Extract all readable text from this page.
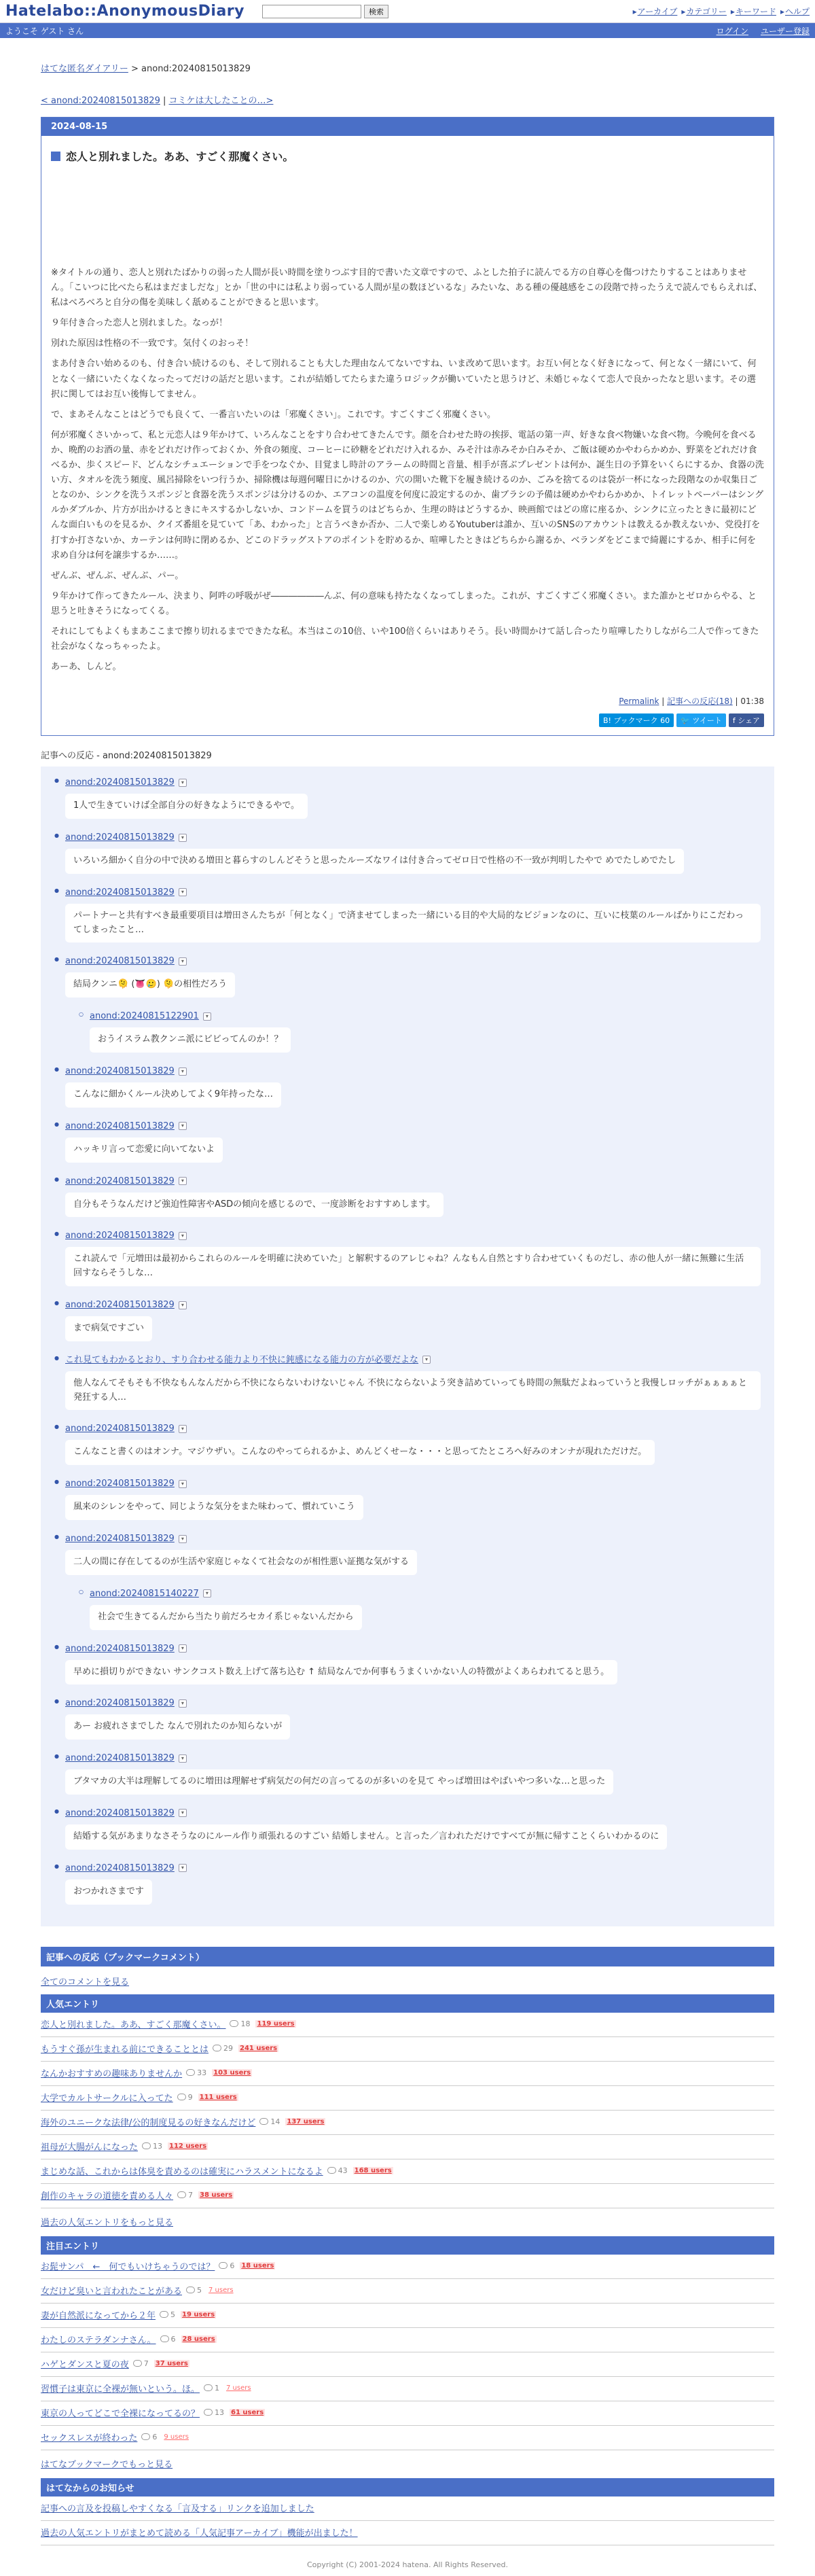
Hatelabo::AnonymousDiary	検索	▸ アーカイブ	▸ カテゴリー	▸ キーワード	▸ ヘルプ
ようこそ ゲスト さん	ログイン ユーザー登録
はてな匿名ダイアリー > anond:20240815013829
< anond:20240815013829 | コミケは大したことの…>
2024-08-15
恋人と別れました。ああ、すごく那魔くさい。

※タイトルの通り、恋人と別れたばかりの弱った人間が長い時間を塗りつぶす目的で書いた文章ですので、ふとした拍子に読んでる方の自尊心を傷つけたりすることはありません。「こいつに比べたら私はまだましだな」とか「世の中には私より弱っている人間が星の数ほどいるな」みたいな、ある種の優越感をこの段階で持ったうえで読んでもらえれば、私はべろべろと自分の傷を美味しく舐めることができると思います。

９年付き合った恋人と別れました。なっが！

別れた原因は性格の不一致です。気付くのおっそ！

まあ付き合い始めるのも、付き合い続けるのも、そして別れることも大した理由なんてないですね、いま改めて思います。お互い何となく好きになって、何となく一緒にいて、何となく一緒にいたくなくなったってだけの話だと思います。これが結婚してたらまた違うロジックが働いていたと思うけど、未婚じゃなくて恋人で良かったなと思います。その選択に関してはお互い後悔してません。

で、まあそんなことはどうでも良くて、一番言いたいのは「邪魔くさい」。これです。すごくすごく邪魔くさい。

何が邪魔くさいかって、私と元恋人は９年かけて、いろんなことをすり合わせてきたんです。顔を合わせた時の挨拶、電話の第一声、好きな食べ物嫌いな食べ物。今晩何を食べるか、晩酌のお酒の量、赤をどれだけ作っておくか、外食の頻度、コーヒーに砂糖をどれだけ入れるか、みそ汁は赤みそか白みそか、ご飯は硬めかやわらかめか、野菜をどれだけ食べるか、歩くスピード、どんなシチュエーションで手をつなぐか、目覚まし時計のアラームの時間と音量、相手が喜ぶプレゼントは何か、誕生日の予算をいくらにするか、食器の洗い方、タオルを洗う頻度、風呂掃除をいつ行うか、掃除機は毎週何曜日にかけるのか、穴の開いた靴下を履き続けるのか、ごみを捨てるのは袋が一杯になった段階なのか収集日ごとなのか、シンクを洗うスポンジと食器を洗うスポンジは分けるのか、エアコンの温度を何度に設定するのか、歯ブラシの予備は硬めかやわらかめか、トイレットペーパーはシングルかダブルか、片方が出かけるときにキスするかしないか、コンドームを買うのはどちらか、生理の時はどうするか、映画館ではどの席に座るか、シンクに立ったときに最初にどんな面白いものを見るか、クイズ番組を見ていて「あ、わかった」と言うべきか否か、二人で楽しめるYoutuberは誰か、互いのSNSのアカウントは教えるか教えないか、党役打を打すか打さないか、カーテンは何時に閉めるか、どこのドラッグストアのポイントを貯めるか、喧嘩したときはどちらから謝るか、ベランダをどこまで綺麗にするか、相手に何を求め自分は何を譲歩するか……。

ぜんぶ、ぜんぶ、ぜんぶ、パー。

９年かけて作ってきたルール、決まり、阿吽の呼吸がぜ――――――んぶ、何の意味も持たなくなってしまった。これが、すごくすごく邪魔くさい。また誰かとゼロからやる、と思うと吐きそうになってくる。

それにしてもよくもまあここまで擦り切れるまでできたな私。本当はこの10倍、いや100倍くらいはありそう。長い時間かけて話し合ったり喧嘩したりしながら二人で作ってきた社会がなくなっちゃったよ。

あーあ、しんど。

Permalink | 記事への反応(18) | 01:38
B! ブックマーク 60	🐦 ツイート	f シェア
記事への反応 - anond:20240815013829
● anond:20240815013829 ▾
1人で生きていけば全部自分の好きなようにできるやで。
● anond:20240815013829 ▾
いろいろ細かく自分の中で決める増田と暮らすのしんどそうと思ったルーズなワイは付き合ってゼロ日で性格の不一致が判明したやで めでたしめでたし
● anond:20240815013829 ▾
パートナーと共有すべき最重要項目は増田さんたちが「何となく」で済ませてしまった一緒にいる目的や大局的なビジョンなのに、互いに枝葉のルールばかりにこだわってしまったこと…
● anond:20240815013829 ▾
結局クンニ🫠 (👅🥲) 🫠の相性だろう
○ anond:20240815122901 ▾
おうイスラム教クンニ派にビビってんのか！？
● anond:20240815013829 ▾
こんなに細かくルール決めしてよく9年持ったな…
● anond:20240815013829 ▾
ハッキリ言って恋愛に向いてないよ
● anond:20240815013829 ▾
自分もそうなんだけど強迫性障害やASDの傾向を感じるので、一度診断をおすすめします。
● anond:20240815013829 ▾
これ読んで「元増田は最初からこれらのルールを明確に決めていた」と解釈するのアレじゃね？んなもん自然とすり合わせていくものだし、赤の他人が一緒に無難に生活回すならそうしな…
● anond:20240815013829 ▾
まで病気ですごい
● これ見てもわかるとおり、すり合わせる能力より不快に鈍感になる能力の方が必要だよな ▾
他人なんてそもそも不快なもんなんだから不快にならないわけないじゃん 不快にならないよう突き詰めていっても時間の無駄だよねっていうと我慢しロッチがぁぁぁぁと発狂する人…
● anond:20240815013829 ▾
こんなこと書くのはオンナ。マジウザい。こんなのやってられるかよ、めんどくせーな・・・と思ってたところへ好みのオンナが現れただけだ。
● anond:20240815013829 ▾
風来のシレンをやって、同じような気分をまた味わって、慣れていこう
● anond:20240815013829 ▾
二人の間に存在してるのが生活や家庭じゃなくて社会なのが相性悪い証拠な気がする
○ anond:20240815140227 ▾
社会で生きてるんだから当たり前だろセカイ系じゃないんだから
● anond:20240815013829 ▾
早めに損切りができない サンクコスト数え上げて落ち込む ↑ 結局なんでか何事もうまくいかない人の特徴がよくあらわれてると思う。
● anond:20240815013829 ▾
あー お疲れさまでした なんで別れたのか知らないが
● anond:20240815013829 ▾
ブタマカの大半は理解してるのに増田は理解せず病気だの何だの言ってるのが多いのを見て やっぱ増田はやばいやつ多いな…と思った
● anond:20240815013829 ▾
結婚する気があまりなさそうなのにルール作り頑張れるのすごい 結婚しません。と言った／言われただけですべてが無に帰すことくらいわかるのに
● anond:20240815013829 ▾
おつかれさまです
記事への反応（ブックマークコメント）
全てのコメントを見る
人気エントリ
恋人と別れました。ああ、すごく那魔くさい。 18 119 users
もうすぐ孫が生まれる前にできることとは 29 241 users
なんかおすすめの趣味ありませんか 33 103 users
大学でカルトサークルに入ってた 9 111 users
海外のユニークな法律/公的制度見るの好きなんだけど 14 137 users
祖母が大腸がんになった 13 112 users
まじめな話、これからは体臭を責めるのは確実にハラスメントになるよ 43 168 users
創作のキャラの道徳を責める人々 7 38 users
過去の人気エントリをもっと見る
注目エントリ
お髭サンパ　←　何でもいけちゃうのでは？ 6 18 users
女だけど臭いと言われたことがある 5 7 users
妻が自然派になってから２年 5 19 users
わたしのステラダンナさん。 6 28 users
ハゲとダンスと夏の夜 7 37 users
習慣子は東京に全裸が無いという。ほ。 1 7 users
東京の人ってどこで全裸になってるの？ 13 61 users
セックスレスが終わった 6 9 users
はてなブックマークでもっと見る
はてなからのお知らせ
記事への言及を投稿しやすくなる「言及する」リンクを追加しました
過去の人気エントリがまとめて読める「人気記事アーカイブ」機能が出ました！
Copyright (C) 2001-2024 hatena. All Rights Reserved.
